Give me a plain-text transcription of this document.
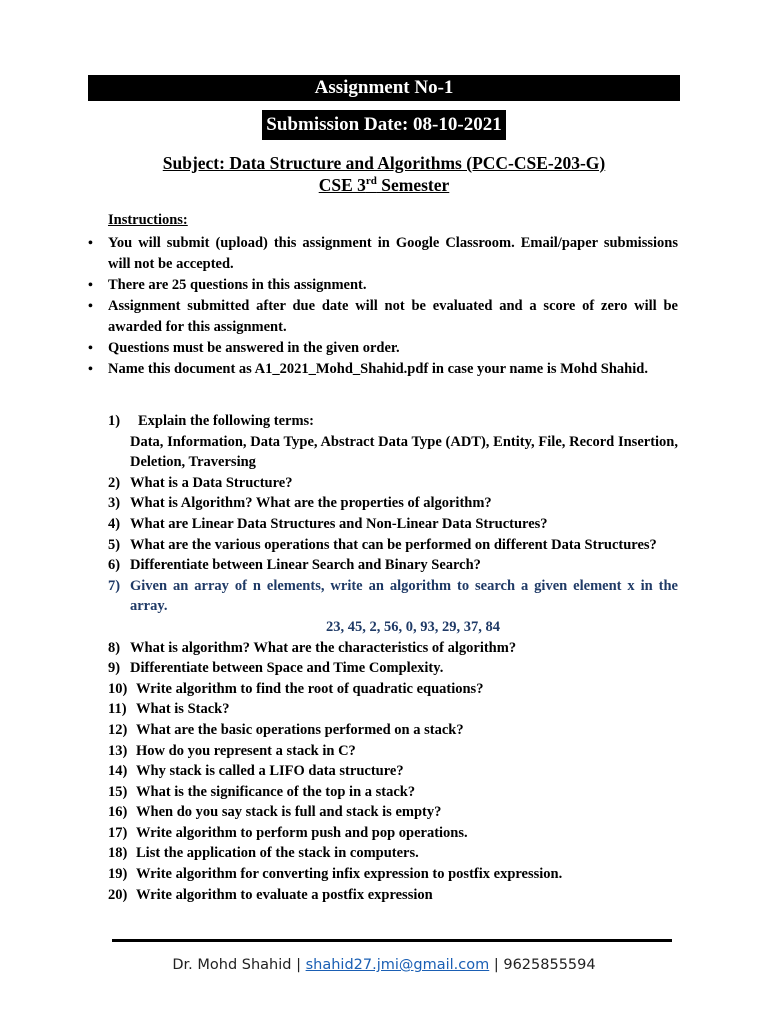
Assignment No-1
Submission Date: 08-10-2021
Subject: Data Structure and Algorithms (PCC-CSE-203-G)
CSE 3rd Semester
Instructions:
• You will submit (upload) this assignment in Google Classroom. Email/paper submissions will not be accepted.
• There are 25 questions in this assignment.
• Assignment submitted after due date will not be evaluated and a score of zero will be awarded for this assignment.
• Questions must be answered in the given order.
• Name this document as A1_2021_Mohd_Shahid.pdf in case your name is Mohd Shahid.
1) Explain the following terms:
Data, Information, Data Type, Abstract Data Type (ADT), Entity, File, Record Insertion, Deletion, Traversing
2) What is a Data Structure?
3) What is Algorithm? What are the properties of algorithm?
4) What are Linear Data Structures and Non-Linear Data Structures?
5) What are the various operations that can be performed on different Data Structures?
6) Differentiate between Linear Search and Binary Search?
7) Given an array of n elements, write an algorithm to search a given element x in the array.
23, 45, 2, 56, 0, 93, 29, 37, 84
8) What is algorithm? What are the characteristics of algorithm?
9) Differentiate between Space and Time Complexity.
10) Write algorithm to find the root of quadratic equations?
11) What is Stack?
12) What are the basic operations performed on a stack?
13) How do you represent a stack in C?
14) Why stack is called a LIFO data structure?
15) What is the significance of the top in a stack?
16) When do you say stack is full and stack is empty?
17) Write algorithm to perform push and pop operations.
18) List the application of the stack in computers.
19) Write algorithm for converting infix expression to postfix expression.
20) Write algorithm to evaluate a postfix expression
Dr. Mohd Shahid | shahid27.jmi@gmail.com | 9625855594
